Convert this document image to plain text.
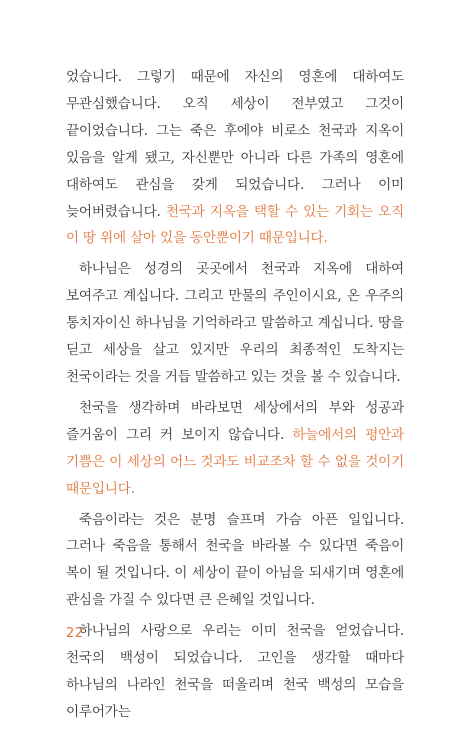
었습니다. 그렇기 때문에 자신의 영혼에 대하여도 무관심했습니다. 오직 세상이 전부였고 그것이 끝이었습니다. 그는 죽은 후에야 비로소 천국과 지옥이 있음을 알게 됐고, 자신뿐만 아니라 다른 가족의 영혼에 대하여도 관심을 갖게 되었습니다. 그러나 이미 늦어버렸습니다. 천국과 지옥을 택할 수 있는 기회는 오직 이 땅 위에 살아 있을 동안뿐이기 때문입니다.

하나님은 성경의 곳곳에서 천국과 지옥에 대하여 보여주고 계십니다. 그리고 만물의 주인이시요, 온 우주의 통치자이신 하나님을 기억하라고 말씀하고 계십니다. 땅을 딛고 세상을 살고 있지만 우리의 최종적인 도착지는 천국이라는 것을 거듭 말씀하고 있는 것을 볼 수 있습니다.

천국을 생각하며 바라보면 세상에서의 부와 성공과 즐거움이 그리 커 보이지 않습니다. 하늘에서의 평안과 기쁨은 이 세상의 어느 것과도 비교조차 할 수 없을 것이기 때문입니다.

죽음이라는 것은 분명 슬프며 가슴 아픈 일입니다. 그러나 죽음을 통해서 천국을 바라볼 수 있다면 죽음이 복이 될 것입니다. 이 세상이 끝이 아님을 되새기며 영혼에 관심을 가질 수 있다면 큰 은혜일 것입니다.

하나님의 사랑으로 우리는 이미 천국을 얻었습니다. 천국의 백성이 되었습니다. 고인을 생각할 때마다 하나님의 나라인 천국을 떠올리며 천국 백성의 모습을 이루어가는

22
